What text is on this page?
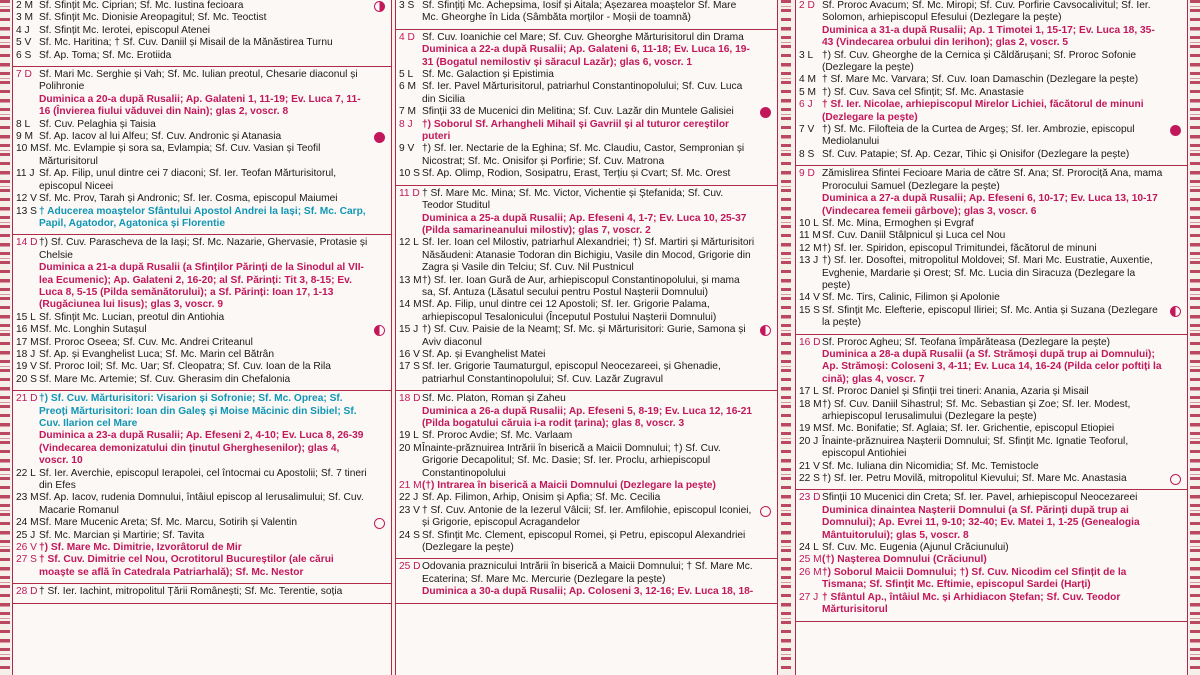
2 M Sf. Sfințit Mc. Ciprian; Sf. Mc. Iustina fecioara
3 M Sf. Sfințit Mc. Dionisie Areopagitul; Sf. Mc. Teoctist
4 J Sf. Sfințit Mc. Ierotei, episcopul Atenei
5 V Sf. Mc. Haritina; † Sf. Cuv. Daniil și Misail de la Mănăstirea Turnu
6 S Sf. Ap. Toma; Sf. Mc. Erotiida
7 D Sf. Mari Mc. Serghie și Vah; Sf. Mc. Iulian preotul, Chesarie diaconul și Polihronie
Duminica a 20-a după Rusalii; Ap. Galateni 1, 11-19; Ev. Luca 7, 11-16 (Învierea fiului văduvei din Nain); glas 2, voscr. 8
8 L Sf. Cuv. Pelaghia și Taisia
9 M Sf. Ap. Iacov al lui Alfeu; Sf. Cuv. Andronic și Atanasia
10 M Sf. Mc. Evlampie și sora sa, Evlampia; Sf. Cuv. Vasian și Teofil Mărturisitorul
11 J Sf. Ap. Filip, unul dintre cei 7 diaconi; Sf. Ier. Teofan Mărturisitorul, episcopul Niceei
12 V Sf. Mc. Prov, Tarah și Andronic; Sf. Ier. Cosma, episcopul Maiumei
13 S † Aducerea moaștelor Sfântului Apostol Andrei la Iași; Sf. Mc. Carp, Papil, Agatodor, Agatonica și Florentie
14 D †) Sf. Cuv. Parascheva de la Iași; Sf. Mc. Nazarie, Ghervasie, Protasie și Chelsie
Duminica a 21-a după Rusalii (a Sfinților Părinți de la Sinodul al VII-lea Ecumenic); Ap. Galateni 2, 16-20; al Sf. Părinți: Tit 3, 8-15; Ev. Luca 8, 5-15 (Pilda semănătorului); a Sf. Părinți: Ioan 17, 1-13 (Rugăciunea lui Iisus); glas 3, voscr. 9
15 L Sf. Sfințit Mc. Lucian, preotul din Antiohia
16 M Sf. Mc. Longhin Sutașul
17 M Sf. Proroc Oseea; Sf. Cuv. Mc. Andrei Criteanul
18 J Sf. Ap. și Evanghelist Luca; Sf. Mc. Marin cel Bătrân
19 V Sf. Proroc Ioil; Sf. Mc. Uar; Sf. Cleopatra; Sf. Cuv. Ioan de la Rila
20 S Sf. Mare Mc. Artemie; Sf. Cuv. Gherasim din Chefalonia
21 D †) Sf. Cuv. Mărturisitori: Visarion și Sofronie; Sf. Mc. Oprea; Sf. Preoți Mărturisitori: Ioan din Galeș și Moise Măcinic din Sibiel; Sf. Cuv. Ilarion cel Mare
Duminica a 23-a după Rusalii; Ap. Efeseni 2, 4-10; Ev. Luca 8, 26-39 (Vindecarea demonizatului din ținutul Gherghesenilor); glas 4, voscr. 10
22 L Sf. Ier. Averchie, episcopul Ierapolei, cel întocmai cu Apostolii; Sf. 7 tineri din Efes
23 M Sf. Ap. Iacov, rudenia Domnului, întâiul episcop al Ierusalimului; Sf. Cuv. Macarie Romanul
24 M Sf. Mare Mucenic Areta; Sf. Mc. Marcu, Sotirih și Valentin
25 J Sf. Mc. Marcian și Martirie; Sf. Tavita
26 V †) Sf. Mare Mc. Dimitrie, Izvorâtorul de Mir
27 S † Sf. Cuv. Dimitrie cel Nou, Ocrotitorul Bucureștilor (ale cărui moaște se află în Catedrala Patriarhală); Sf. Mc. Nestor
28 D † Sf. Ier. Iachint, mitropolitul Țării Românești; Sf. Mc. Terentie, soția
3 S Sf. Sfințiți Mc. Achepsima, Iosif și Aitala; Așezarea moaștelor Sf. Mare Mc. Gheorghe în Lida (Sâmbăta morților - Moșii de toamnă)
4 D Sf. Cuv. Ioanichie cel Mare; Sf. Cuv. Gheorghe Mărturisitorul din Drama
Duminica a 22-a după Rusalii; Ap. Galateni 6, 11-18; Ev. Luca 16, 19-31 (Bogatul nemilostiv și săracul Lazăr); glas 6, voscr. 1
5 L Sf. Mc. Galaction și Epistimia
6 M Sf. Ier. Pavel Mărturisitorul, patriarhul Constantinopolului; Sf. Cuv. Luca din Sicilia
7 M Sfinții 33 de Mucenici din Melitina; Sf. Cuv. Lazăr din Muntele Galisiei
8 J †) Soborul Sf. Arhangheli Mihail și Gavriil și al tuturor cereștilor puteri
9 V †) Sf. Ier. Nectarie de la Eghina; Sf. Mc. Claudiu, Castor, Sempronian și Nicostrat; Sf. Mc. Onisifor și Porfirie; Sf. Cuv. Matrona
10 S Sf. Ap. Olimp, Rodion, Sosipatru, Erast, Terțiu și Cvart; Sf. Mc. Orest
11 D † Sf. Mare Mc. Mina; Sf. Mc. Victor, Vichentie și Ștefanida; Sf. Cuv. Teodor Studitul
Duminica a 25-a după Rusalii; Ap. Efeseni 4, 1-7; Ev. Luca 10, 25-37 (Pilda samarineanului milostiv); glas 7, voscr. 2
12 L Sf. Ier. Ioan cel Milostiv, patriarhul Alexandriei; †) Sf. Martiri și Mărturisitori Năsăudeni: Atanasie Todoran din Bichigiu, Vasile din Mocod, Grigorie din Zagra și Vasile din Telciu; Sf. Cuv. Nil Pustnicul
13 M †) Sf. Ier. Ioan Gură de Aur, arhiepiscopul Constantinopolului, și mama sa, Sf. Antuza (Lăsatul secului pentru Postul Nașterii Domnului)
14 M Sf. Ap. Filip, unul dintre cei 12 Apostoli; Sf. Ier. Grigorie Palama, arhiepiscopul Tesalonicului (Începutul Postului Nașterii Domnului)
15 J †) Sf. Cuv. Paisie de la Neamț; Sf. Mc. și Mărturisitori: Gurie, Samona și Aviv diaconul
16 V Sf. Ap. și Evanghelist Matei
17 S Sf. Ier. Grigorie Taumaturgul, episcopul Neocezareei, și Ghenadie, patriarhul Constantinopolului; Sf. Cuv. Lazăr Zugravul
18 D Sf. Mc. Platon, Roman și Zaheu
Duminica a 26-a după Rusalii; Ap. Efeseni 5, 8-19; Ev. Luca 12, 16-21 (Pilda bogatului căruia i-a rodit țarina); glas 8, voscr. 3
19 L Sf. Proroc Avdie; Sf. Mc. Varlaam
20 M Înainte-prăznuirea Intrării în biserică a Maicii Domnului; †) Sf. Cuv. Grigorie Decapolitul; Sf. Mc. Dasie; Sf. Ier. Proclu, arhiepiscopul Constantinopolului
21 M (†) Intrarea în biserică a Maicii Domnului (Dezlegare la pește)
22 J Sf. Ap. Filimon, Arhip, Onisim și Apfia; Sf. Mc. Cecilia
23 V † Sf. Cuv. Antonie de la Iezerul Vâlcii; Sf. Ier. Amfilohie, episcopul Iconiei, și Grigorie, episcopul Acragandelor
24 S Sf. Sfințit Mc. Clement, episcopul Romei, și Petru, episcopul Alexandriei (Dezlegare la pește)
25 D Odovania praznicului Intrării în biserică a Maicii Domnului; † Sf. Mare Mc. Ecaterina; Sf. Mare Mc. Mercurie (Dezlegare la pește)
Duminica a 30-a după Rusalii; Ap. Coloseni 3, 12-16; Ev. Luca 18, 18-
2 D Sf. Proroc Avacum; Sf. Mc. Miropi; Sf. Cuv. Porfirie Cavsocalivitul; Sf. Ier. Solomon, arhiepiscopul Efesului (Dezlegare la pește)
Duminica a 31-a după Rusalii; Ap. 1 Timotei 1, 15-17; Ev. Luca 18, 35-43 (Vindecarea orbului din Ierihon); glas 2, voscr. 5
3 L †) Sf. Cuv. Gheorghe de la Cernica și Căldărușani; Sf. Proroc Sofonie (Dezlegare la pește)
4 M † Sf. Mare Mc. Varvara; Sf. Cuv. Ioan Damaschin (Dezlegare la pește)
5 M †) Sf. Cuv. Sava cel Sfințit; Sf. Mc. Anastasie
6 J † Sf. Ier. Nicolae, arhiepiscopul Mirelor Lichiei, făcătorul de minuni (Dezlegare la pește)
7 V †) Sf. Mc. Filofteia de la Curtea de Argeș; Sf. Ier. Ambrozie, episcopul Mediolanului
8 S Sf. Cuv. Patapie; Sf. Ap. Cezar, Tihic și Onisifor (Dezlegare la pește)
9 D Zămislirea Sfintei Fecioare Maria de către Sf. Ana; Sf. Prorociță Ana, mama Prorocului Samuel (Dezlegare la pește)
Duminica a 27-a după Rusalii; Ap. Efeseni 6, 10-17; Ev. Luca 13, 10-17 (Vindecarea femeii gârbove); glas 3, voscr. 6
10 L Sf. Mc. Mina, Ermoghen și Evgraf
11 M Sf. Cuv. Daniil Stâlpnicul și Luca cel Nou
12 M †) Sf. Ier. Spiridon, episcopul Trimitundei, făcătorul de minuni
13 J †) Sf. Ier. Dosoftei, mitropolitul Moldovei; Sf. Mari Mc. Eustratie, Auxentie, Evghenie, Mardarie și Orest; Sf. Mc. Lucia din Siracuza (Dezlegare la pește)
14 V Sf. Mc. Tirs, Calinic, Filimon și Apolonie
15 S Sf. Sfințit Mc. Elefterie, episcopul Iliriei; Sf. Mc. Antia și Suzana (Dezlegare la pește)
16 D Sf. Proroc Agheu; Sf. Teofana împărăteasa (Dezlegare la pește)
Duminica a 28-a după Rusalii (a Sf. Strămoși după trup ai Domnului); Ap. Strămoși: Coloseni 3, 4-11; Ev. Luca 14, 16-24 (Pilda celor poftiți la cină); glas 4, voscr. 7
17 L Sf. Proroc Daniel și Sfinții trei tineri: Anania, Azaria și Misail
18 M †) Sf. Cuv. Daniil Sihastrul; Sf. Mc. Sebastian și Zoe; Sf. Ier. Modest, arhiepiscopul Ierusalimului (Dezlegare la pește)
19 M Sf. Mc. Bonifatie; Sf. Aglaia; Sf. Ier. Grichentie, episcopul Etiopiei
20 J Înainte-prăznuirea Nașterii Domnului; Sf. Sfințit Mc. Ignatie Teoforul, episcopul Antiohiei
21 V Sf. Mc. Iuliana din Nicomidia; Sf. Mc. Temistocle
22 S †) Sf. Ier. Petru Movilă, mitropolitul Kievului; Sf. Mare Mc. Anastasia
23 D Sfinții 10 Mucenici din Creta; Sf. Ier. Pavel, arhiepiscopul Neocezareei
Duminica dinaintea Nașterii Domnului (a Sf. Părinți după trup ai Domnului); Ap. Evrei 11, 9-10; 32-40; Ev. Matei 1, 1-25 (Genealogia Mântuitorului); glas 5, voscr. 8
24 L Sf. Cuv. Mc. Eugenia (Ajunul Crăciunului)
25 M (†) Nașterea Domnului (Crăciunul)
26 M †) Soborul Maicii Domnului; †) Sf. Cuv. Nicodim cel Sfințit de la Tismana; Sf. Sfințit Mc. Eftimie, episcopul Sardei (Harți)
27 J † Sfântul Ap., întâiul Mc. și Arhidiacon Ștefan; Sf. Cuv. Teodor Mărturisitorul
